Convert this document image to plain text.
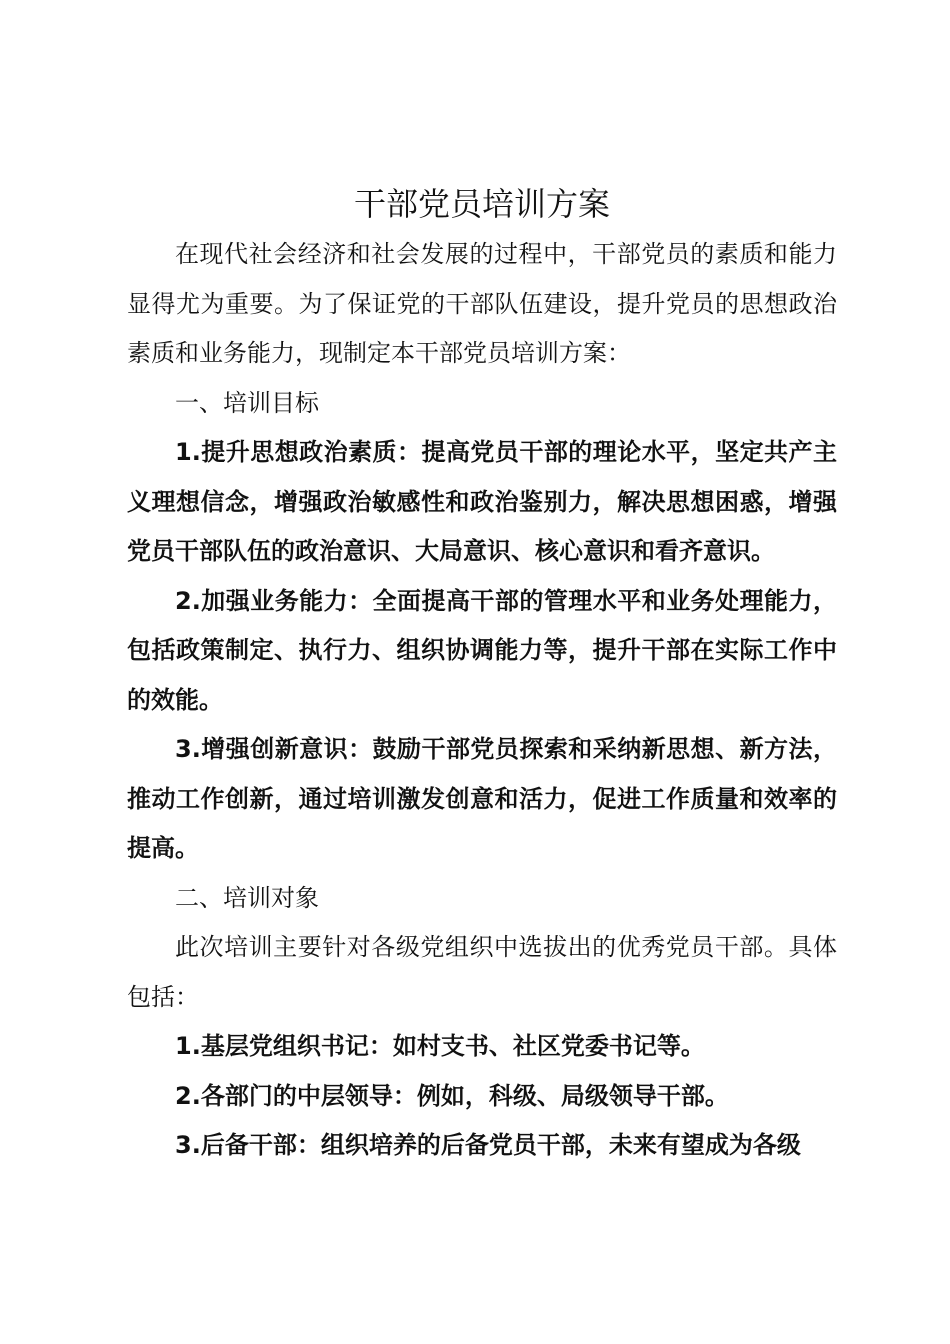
干部党员培训方案

在现代社会经济和社会发展的过程中，干部党员的素质和能力显得尤为重要。为了保证党的干部队伍建设，提升党员的思想政治素质和业务能力，现制定本干部党员培训方案：

一、培训目标

1.提升思想政治素质：提高党员干部的理论水平，坚定共产主义理想信念，增强政治敏感性和政治鉴别力，解决思想困惑，增强党员干部队伍的政治意识、大局意识、核心意识和看齐意识。

2.加强业务能力：全面提高干部的管理水平和业务处理能力，包括政策制定、执行力、组织协调能力等，提升干部在实际工作中的效能。

3.增强创新意识：鼓励干部党员探索和采纳新思想、新方法，推动工作创新，通过培训激发创意和活力，促进工作质量和效率的提高。

二、培训对象

此次培训主要针对各级党组织中选拔出的优秀党员干部。具体包括：

1.基层党组织书记：如村支书、社区党委书记等。

2.各部门的中层领导：例如，科级、局级领导干部。

3.后备干部：组织培养的后备党员干部，未来有望成为各级
